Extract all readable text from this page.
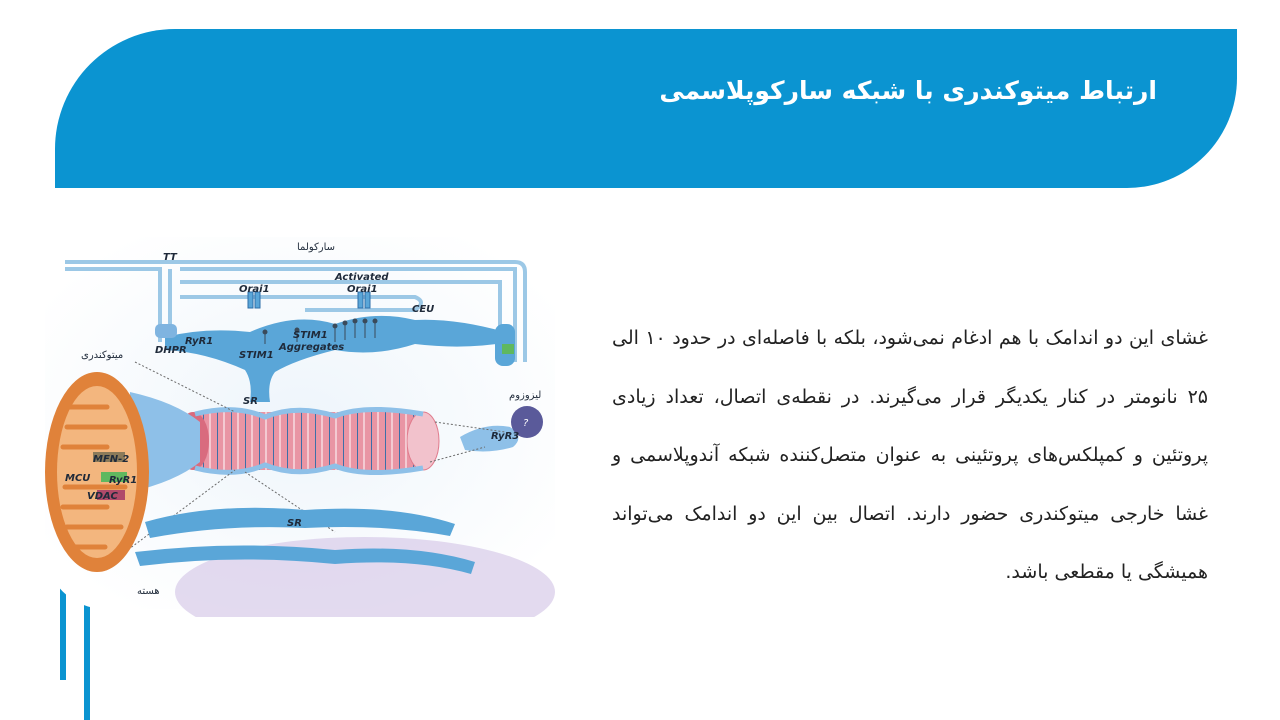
ارتباط میتوکندری با شبکه سارکوپلاسمی
?
TT
سارکولما
Activated
Orai1
Orai1
CEU
STIM1
Aggregates
RyR1
DHPR	STIM1
میتوکندری
SR
لیزوزوم
RyR3
MFN-2
MCU RyR1
VDAC
SR
هسته

غشای این دو اندامک با هم ادغام نمی‌شود، بلکه با فاصله‌ای در حدود ۱۰ الی ۲۵ نانومتر در کنار یکدیگر قرار می‌گیرند. در نقطه‌ی اتصال، تعداد زیادی پروتئین و کمپلکس‌های پروتئینی به عنوان متصل‌کننده شبکه آندوپلاسمی و غشا خارجی میتوکندری حضور دارند. اتصال بین این دو اندامک می‌تواند همیشگی یا مقطعی باشد.
